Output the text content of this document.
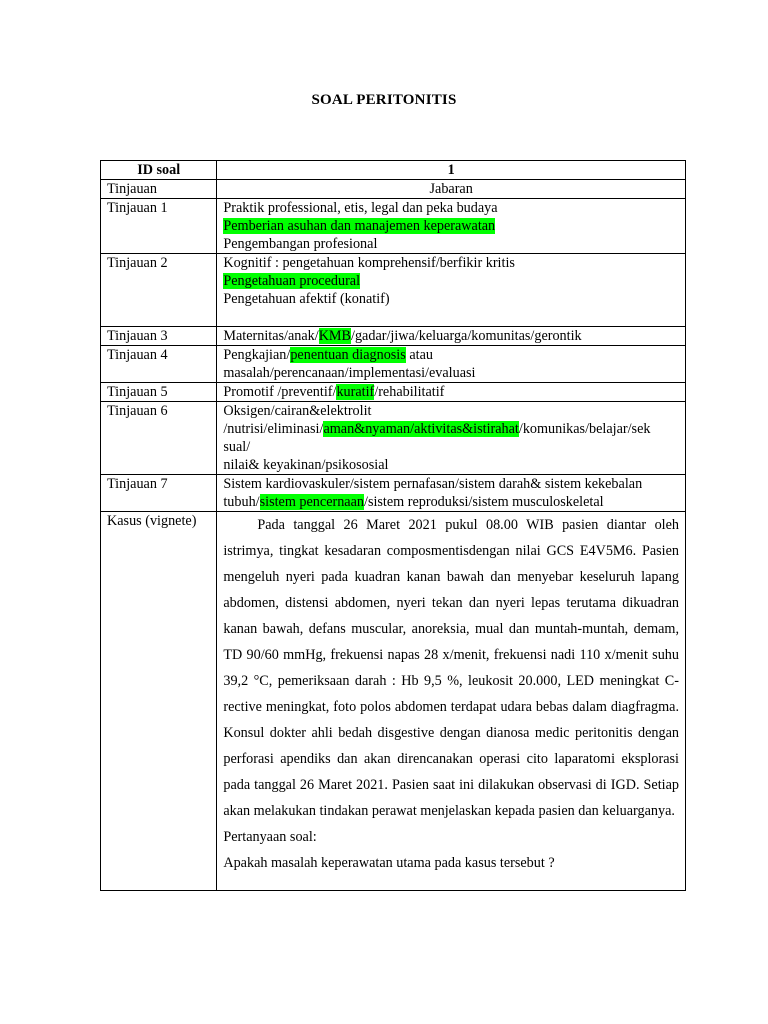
SOAL PERITONITIS
ID soal	1
Tinjauan	Jabaran
Tinjauan 1	Praktik professional, etis, legal dan peka budaya
Pemberian asuhan dan manajemen keperawatan
Pengembangan profesional

Tinjauan 2	Kognitif : pengetahuan komprehensif/berfikir kritis
Pengetahuan procedural
Pengetahuan afektif (konatif)

Tinjauan 3	Maternitas/anak/KMB/gadar/jiwa/keluarga/komunitas/gerontik
Tinjauan 4	Pengkajian/penentuan diagnosis atau
masalah/perencanaan/implementasi/evaluasi

Tinjauan 5	Promotif /preventif/kuratif/rehabilitatif
Tinjauan 6	Oksigen/cairan&elektrolit
/nutrisi/eliminasi/aman&nyaman/aktivitas&istirahat/komunikas/belajar/sek
sual/
nilai& keyakinan/psikososial

Tinjauan 7	Sistem kardiovaskuler/sistem pernafasan/sistem darah& sistem kekebalan
tubuh/sistem pencernaan/sistem reproduksi/sistem musculoskeletal

Kasus (vignete)	Pada tanggal 26 Maret 2021 pukul 08.00 WIB pasien diantar oleh istrimya, tingkat kesadaran composmentisdengan nilai GCS E4V5M6. Pasien mengeluh nyeri pada kuadran kanan bawah dan menyebar keseluruh lapang abdomen, distensi abdomen, nyeri tekan dan nyeri lepas terutama dikuadran kanan bawah, defans muscular, anoreksia, mual dan muntah-muntah, demam, TD 90/60 mmHg, frekuensi napas 28 x/menit, frekuensi nadi 110 x/menit suhu 39,2 °C, pemeriksaan darah : Hb 9,5 %, leukosit 20.000, LED meningkat C-rective meningkat, foto polos abdomen terdapat udara bebas dalam diagfragma. Konsul dokter ahli bedah disgestive dengan dianosa medic peritonitis dengan perforasi apendiks dan akan direncanakan operasi cito laparatomi eksplorasi pada tanggal 26 Maret 2021. Pasien saat ini dilakukan observasi di IGD. Setiap akan melakukan tindakan perawat menjelaskan kepada pasien dan keluarganya.

Pertanyaan soal:

Apakah masalah keperawatan utama pada kasus tersebut ?
